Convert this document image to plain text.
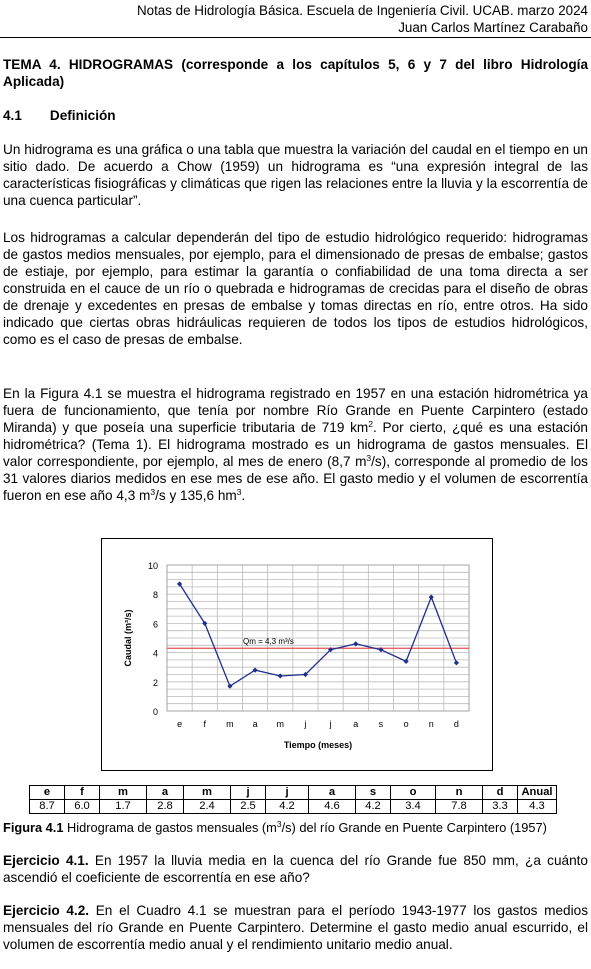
Notas de Hidrología Básica. Escuela de Ingeniería Civil. UCAB. marzo 2024
Juan Carlos Martínez Carabaño

TEMA 4. HIDROGRAMAS (corresponde a los capítulos 5, 6 y 7 del libro Hidrología Aplicada)

4.1 Definición

Un hidrograma es una gráfica o una tabla que muestra la variación del caudal en el tiempo en un sitio dado. De acuerdo a Chow (1959) un hidrograma es “una expresión integral de las características fisiográficas y climáticas que rigen las relaciones entre la lluvia y la escorrentía de una cuenca particular”.

Los hidrogramas a calcular dependerán del tipo de estudio hidrológico requerido: hidrogramas de gastos medios mensuales, por ejemplo, para el dimensionado de presas de embalse; gastos de estiaje, por ejemplo, para estimar la garantía o confiabilidad de una toma directa a ser construida en el cauce de un río o quebrada e hidrogramas de crecidas para el diseño de obras de drenaje y excedentes en presas de embalse y tomas directas en río, entre otros. Ha sido indicado que ciertas obras hidráulicas requieren de todos los tipos de estudios hidrológicos, como es el caso de presas de embalse.

En la Figura 4.1 se muestra el hidrograma registrado en 1957 en una estación hidrométrica ya fuera de funcionamiento, que tenía por nombre Río Grande en Puente Carpintero (estado Miranda) y que poseía una superficie tributaria de 719 $km^2$. Por cierto, ¿qué es una estación hidrométrica? (Tema 1). El hidrograma mostrado es un hidrograma de gastos mensuales. El valor correspondiente, por ejemplo, al mes de enero (8,7 $m^3/s$), corresponde al promedio de los 31 valores diarios medidos en ese mes de ese año. El gasto medio y el volumen de escorrentía fueron en ese año 4,3 $m^3/s$ y 135,6 $hm^3$.

0
2
4
6
8
10
e f m a m j	j a s o n d
Qm = 4,3 m³/s
Tiempo (meses)
Caudal (m³/s)
e	f	m	a	m	j	j	a	s	o	n	d	Anual
8.7	6.0	1.7	2.8	2.4	2.5	4.2	4.6	4.2	3.4	7.8	3.3	4.3

Figura 4.1 Hidrograma de gastos mensuales $(m^3/s)$ del río Grande en Puente Carpintero (1957)

Ejercicio 4.1. En 1957 la lluvia media en la cuenca del río Grande fue 850 mm, ¿a cuánto ascendió el coeficiente de escorrentía en ese año?

Ejercicio 4.2. En el Cuadro 4.1 se muestran para el período 1943-1977 los gastos medios mensuales del río Grande en Puente Carpintero. Determine el gasto medio anual escurrido, el volumen de escorrentía medio anual y el rendimiento unitario medio anual.
